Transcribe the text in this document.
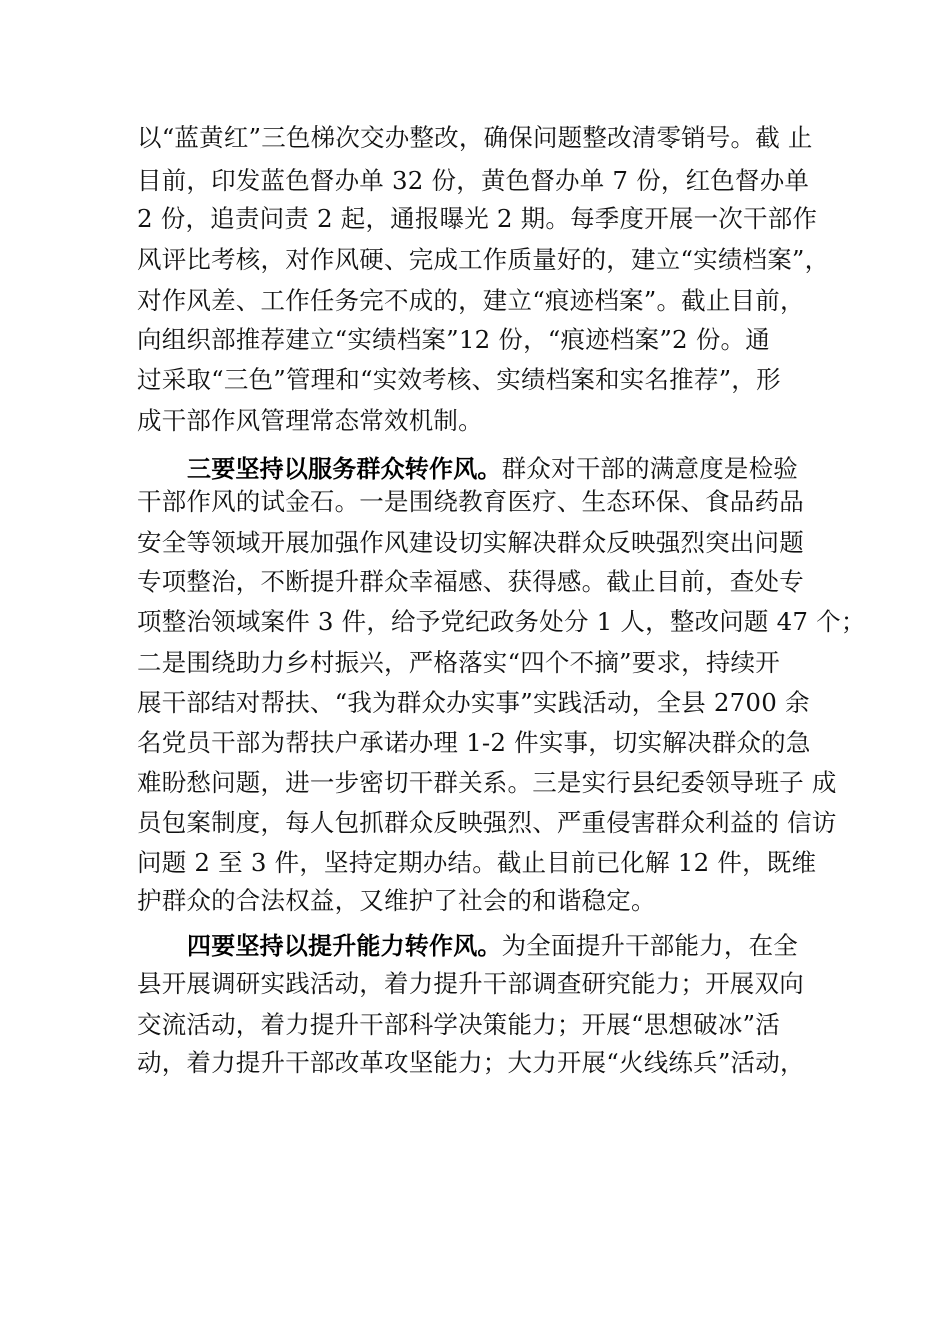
以“蓝黄红”三色梯次交办整改，确保问题整改清零销号。截 止
目前，印发蓝色督办单 32 份，黄色督办单 7 份，红色督办单
2 份，追责问责 2 起，通报曝光 2 期。每季度开展一次干部作
风评比考核，对作风硬、完成工作质量好的，建立“实绩档案”，
对作风差、工作任务完不成的，建立“痕迹档案”。截止目前，
向组织部推荐建立“实绩档案”12 份，“痕迹档案”2 份。通
过采取“三色”管理和“实效考核、实绩档案和实名推荐”，形
成干部作风管理常态常效机制。
三要坚持以服务群众转作风。群众对干部的满意度是检验
干部作风的试金石。一是围绕教育医疗、生态环保、食品药品
安全等领域开展加强作风建设切实解决群众反映强烈突出问题
专项整治，不断提升群众幸福感、获得感。截止目前，查处专
项整治领域案件 3 件，给予党纪政务处分 1 人，整改问题 47 个；
二是围绕助力乡村振兴，严格落实“四个不摘”要求，持续开
展干部结对帮扶、“我为群众办实事”实践活动，全县 2700 余
名党员干部为帮扶户承诺办理 1-2 件实事，切实解决群众的急
难盼愁问题，进一步密切干群关系。三是实行县纪委领导班子 成
员包案制度，每人包抓群众反映强烈、严重侵害群众利益的 信访
问题 2 至 3 件，坚持定期办结。截止目前已化解 12 件，既维
护群众的合法权益，又维护了社会的和谐稳定。
四要坚持以提升能力转作风。为全面提升干部能力，在全
县开展调研实践活动，着力提升干部调查研究能力；开展双向
交流活动，着力提升干部科学决策能力；开展“思想破冰”活
动，着力提升干部改革攻坚能力；大力开展“火线练兵”活动，
